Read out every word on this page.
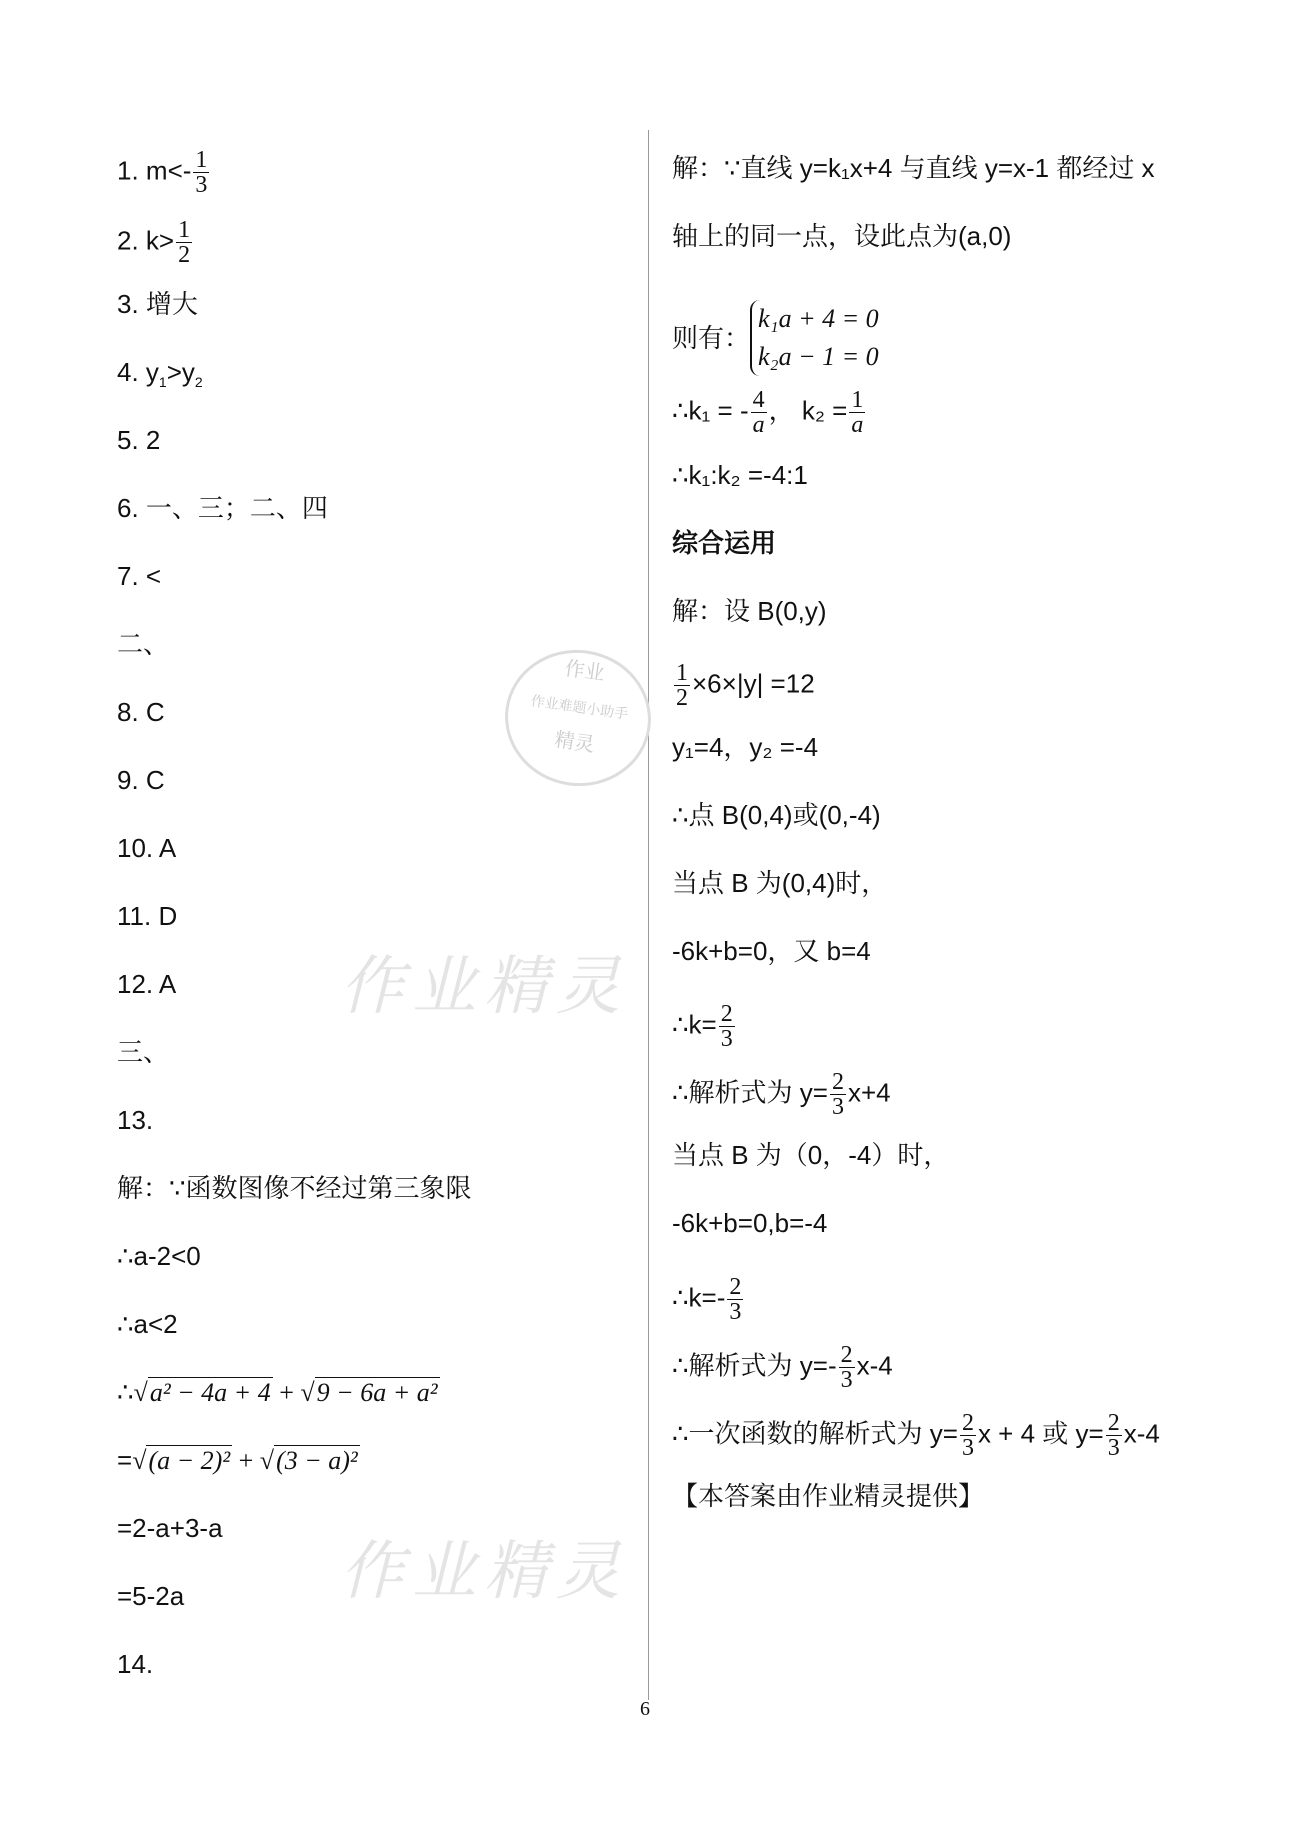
作业精灵
作业精灵
作业
作业难题小助手
精灵
1. $m<- \frac{1}{3}$
2. $k> \frac{1}{2}$
3. 增大
4. $y_1>y_2$
5. 2
6. 一、三；二、四
7. <
二、
8. C
9. C
10. A
11. D
12. A
三、
13.
解：∵函数图像不经过第三象限
∴a-2<0
∴a<2
∴√a² − 4a + 4 + √9 − 6a + a²
=√(a − 2)² + √(3 − a)²
=2-a+3-a
=5-2a
14.
解：∵直线 y=k₁x+4 与直线 y=x-1 都经过 x
轴上的同一点，设此点为(a,0)
则有：
k₁a + 4 = 0
k₂a − 1 = 0
∴k₁ = - $\frac{4}{a}$ ， $k_2 = \frac{1}{a}$
∴k₁:k₂ =-4:1
综合运用
解：设 B(0,y)
$\frac{1}{2} \times 6\times|y| =12$
y₁=4，y₂ =-4
∴点 B(0,4)或(0,-4)
当点 B 为(0,4)时，
-6k+b=0，又 b=4
∴k= $\frac{2}{3}$
∴解析式为 $y= \frac{2}{3} x+4$
当点 B 为（0，-4）时，
-6k+b=0,b=-4
∴k=- $\frac{2}{3}$
∴解析式为 $y=- \frac{2}{3} x-4$
∴一次函数的解析式为 $y= \frac{2}{3}$ x + 4 或 $y= \frac{2}{3} x-4$
【本答案由作业精灵提供】
6
